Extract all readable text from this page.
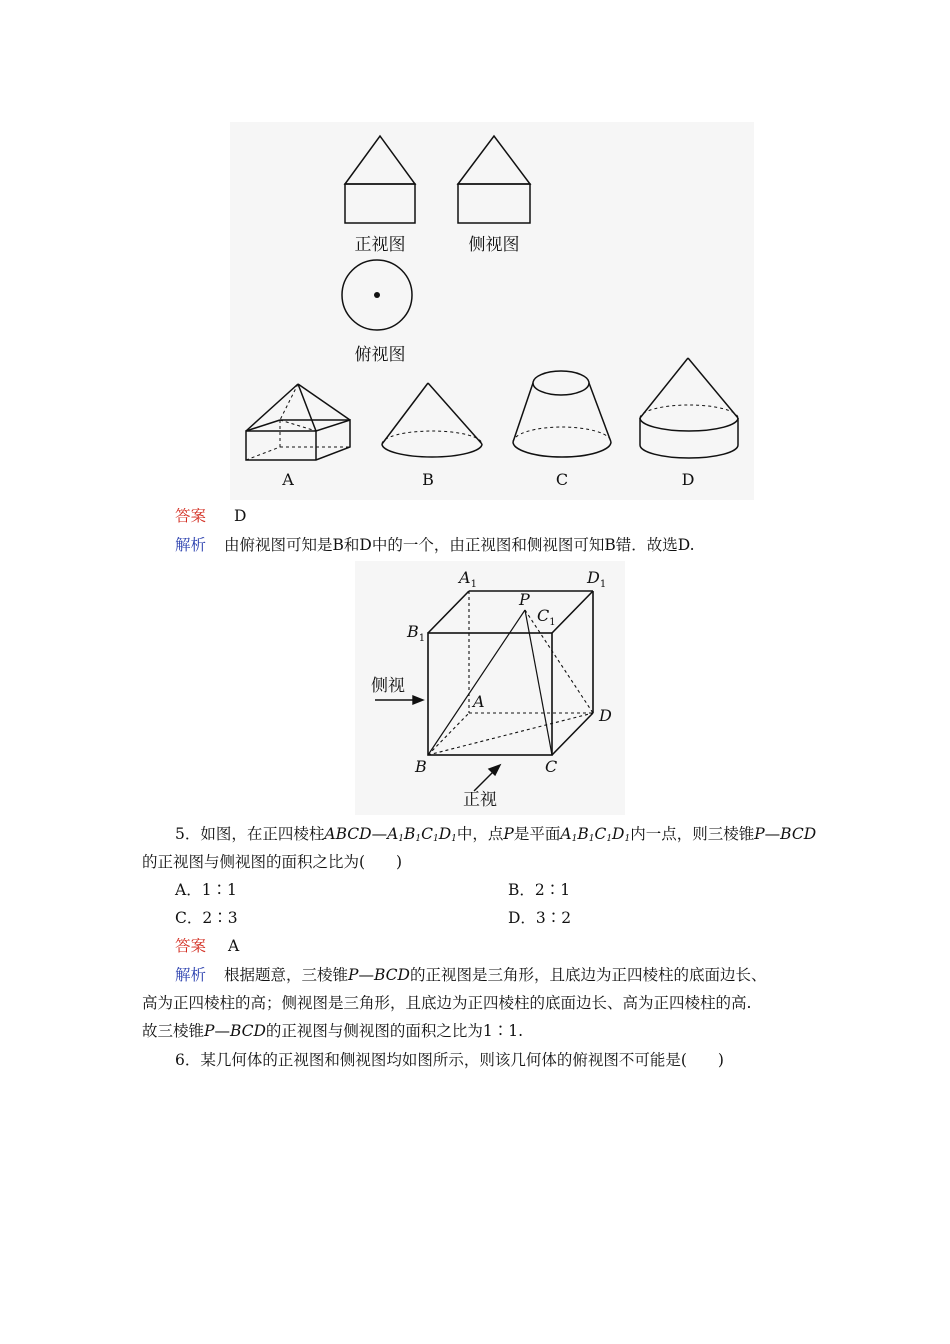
正视图	侧视图
俯视图
A	B	C	D
答案 D
解析 由俯视图可知是B和D中的一个，由正视图和侧视图可知B错．故选D.
$A_1$	$D_1$
$B_1$
$C_1$
P
A
D
B	C
侧视
正视
5．如图，在正四棱柱$ABCD—A_1B_1C_1D_1$中，点P是平面$A_1B_1C_1D_1$内一点，则三棱锥P—BCD
的正视图与侧视图的面积之比为(　　)
A．1∶1	B．2∶1
C．2∶3	D．3∶2
答案 A
解析 根据题意，三棱锥P—BCD的正视图是三角形，且底边为正四棱柱的底面边长、
高为正四棱柱的高；侧视图是三角形，且底边为正四棱柱的底面边长、高为正四棱柱的高.
故三棱锥P—BCD的正视图与侧视图的面积之比为1∶1.
6．某几何体的正视图和侧视图均如图所示，则该几何体的俯视图不可能是(　　)
